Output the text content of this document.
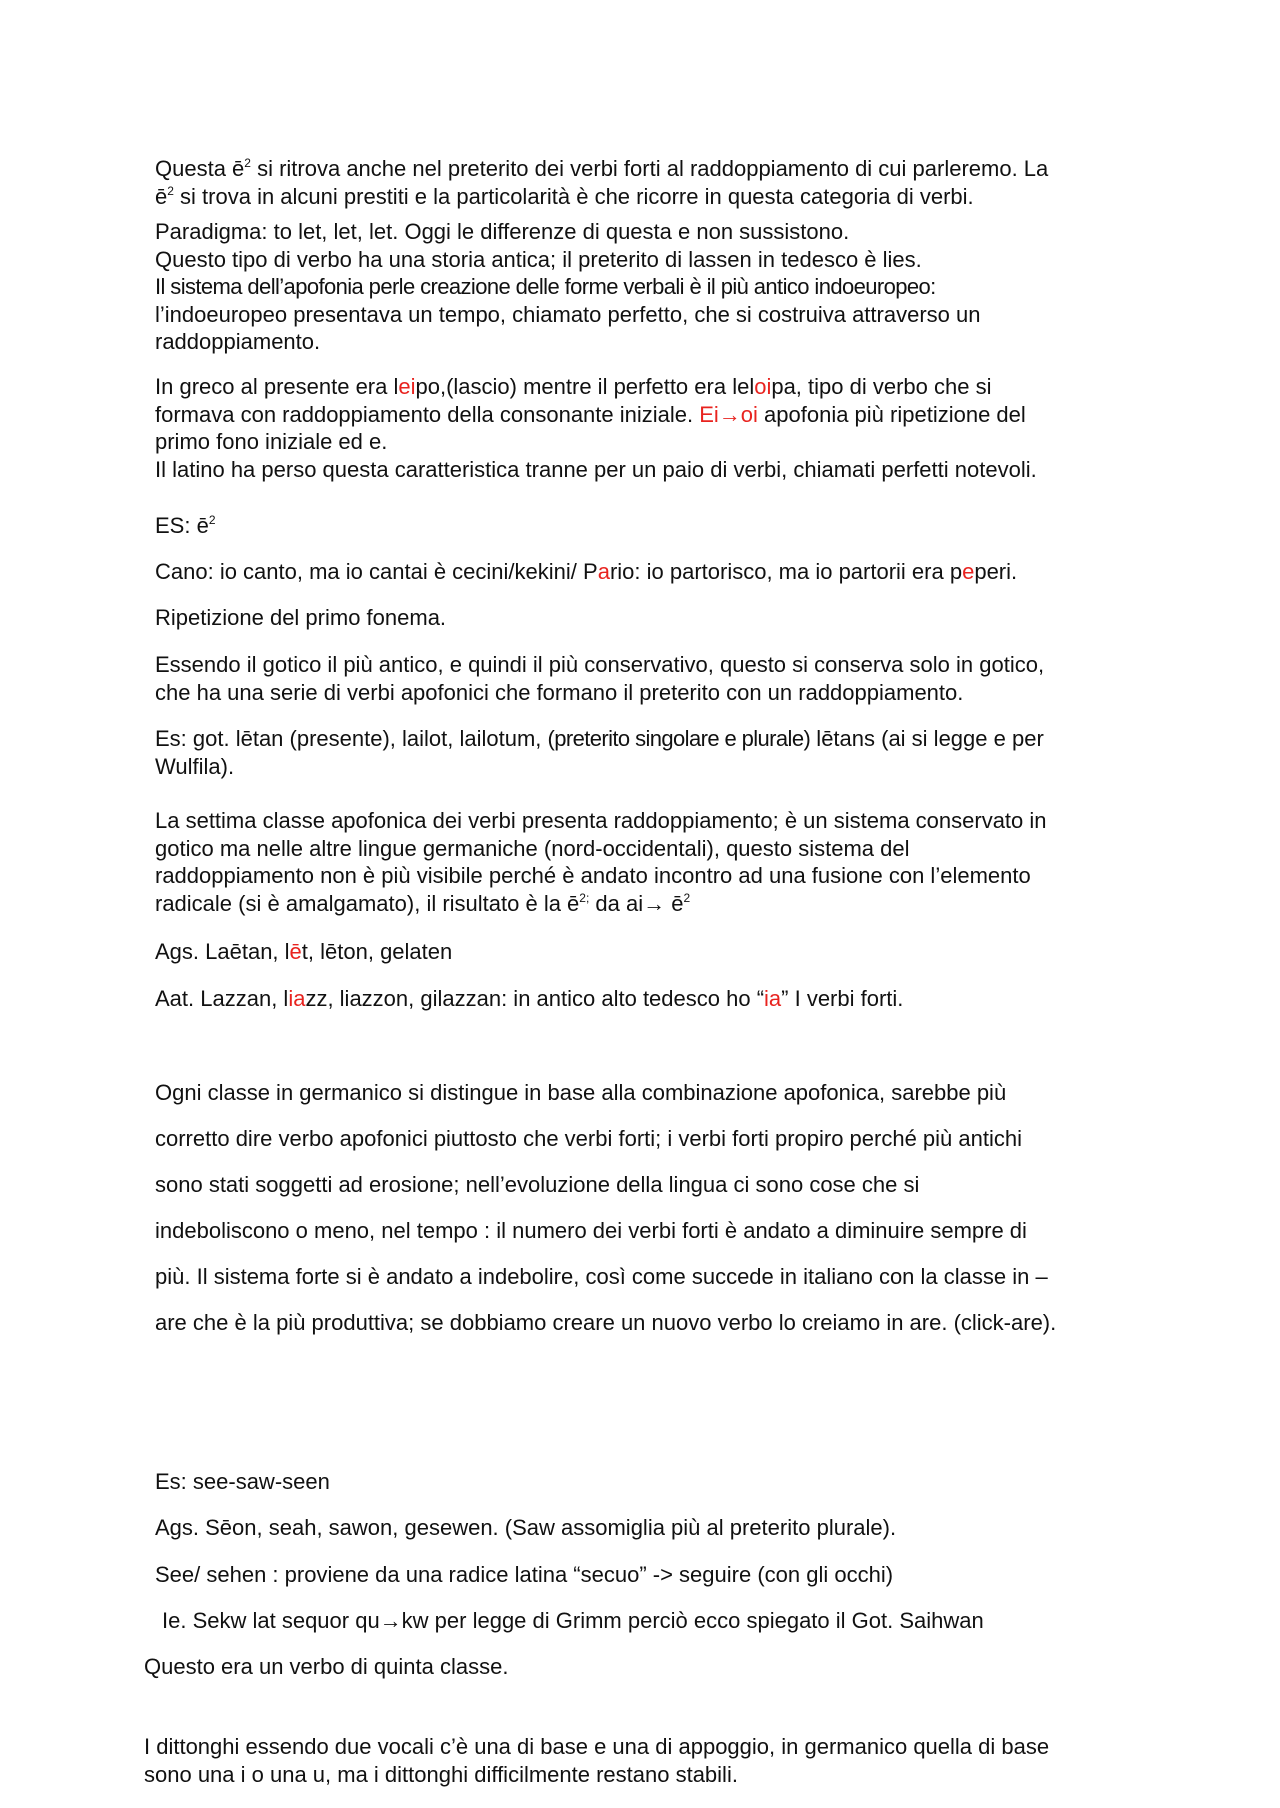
Questa $ē^2$ si ritrova anche nel preterito dei verbi forti al raddoppiamento di cui parleremo. La
$ē^2$ si trova in alcuni prestiti e la particolarità è che ricorre in questa categoria di verbi.
Paradigma: to let, let, let. Oggi le differenze di questa e non sussistono.
Questo tipo di verbo ha una storia antica; il preterito di lassen in tedesco è lies.
Il sistema dell’apofonia perle creazione delle forme verbali è il più antico indoeuropeo:
l’indoeuropeo presentava un tempo, chiamato perfetto, che si costruiva attraverso un
raddoppiamento.
In greco al presente era leipo,(lascio) mentre il perfetto era leloipa, tipo di verbo che si
formava con raddoppiamento della consonante iniziale. Ei→oi apofonia più ripetizione del
primo fono iniziale ed e.
Il latino ha perso questa caratteristica tranne per un paio di verbi, chiamati perfetti notevoli.
ES: $ē^2$
Cano: io canto, ma io cantai è cecini/kekini/ Pario: io partorisco, ma io partorii era peperi.
Ripetizione del primo fonema.
Essendo il gotico il più antico, e quindi il più conservativo, questo si conserva solo in gotico,
che ha una serie di verbi apofonici che formano il preterito con un raddoppiamento.
Es: got. lētan (presente), lailot, lailotum, (preterito singolare e plurale) lētans (ai si legge e per
Wulfila).
La settima classe apofonica dei verbi presenta raddoppiamento; è un sistema conservato in
gotico ma nelle altre lingue germaniche (nord-occidentali), questo sistema del
raddoppiamento non è più visibile perché è andato incontro ad una fusione con l’elemento
radicale (si è amalgamato), il risultato è la $ē^{2;}$ da $ai\to ē^2$
Ags. Laētan, lēt, lēton, gelaten
Aat. Lazzan, liazz, liazzon, gilazzan: in antico alto tedesco ho “ia” I verbi forti.
Ogni classe in germanico si distingue in base alla combinazione apofonica, sarebbe più
corretto dire verbo apofonici piuttosto che verbi forti; i verbi forti propiro perché più antichi
sono stati soggetti ad erosione; nell’evoluzione della lingua ci sono cose che si
indeboliscono o meno, nel tempo : il numero dei verbi forti è andato a diminuire sempre di
più. Il sistema forte si è andato a indebolire, così come succede in italiano con la classe in –
are che è la più produttiva; se dobbiamo creare un nuovo verbo lo creiamo in are. (click-are).
Es: see-saw-seen
Ags. Sēon, seah, sawon, gesewen. (Saw assomiglia più al preterito plurale).
See/ sehen : proviene da una radice latina “secuo” -> seguire (con gli occhi)
Ie. Sekw lat sequor qu→kw per legge di Grimm perciò ecco spiegato il Got. Saihwan
Questo era un verbo di quinta classe.
I dittonghi essendo due vocali c’è una di base e una di appoggio, in germanico quella di base
sono una i o una u, ma i dittonghi difficilmente restano stabili.
